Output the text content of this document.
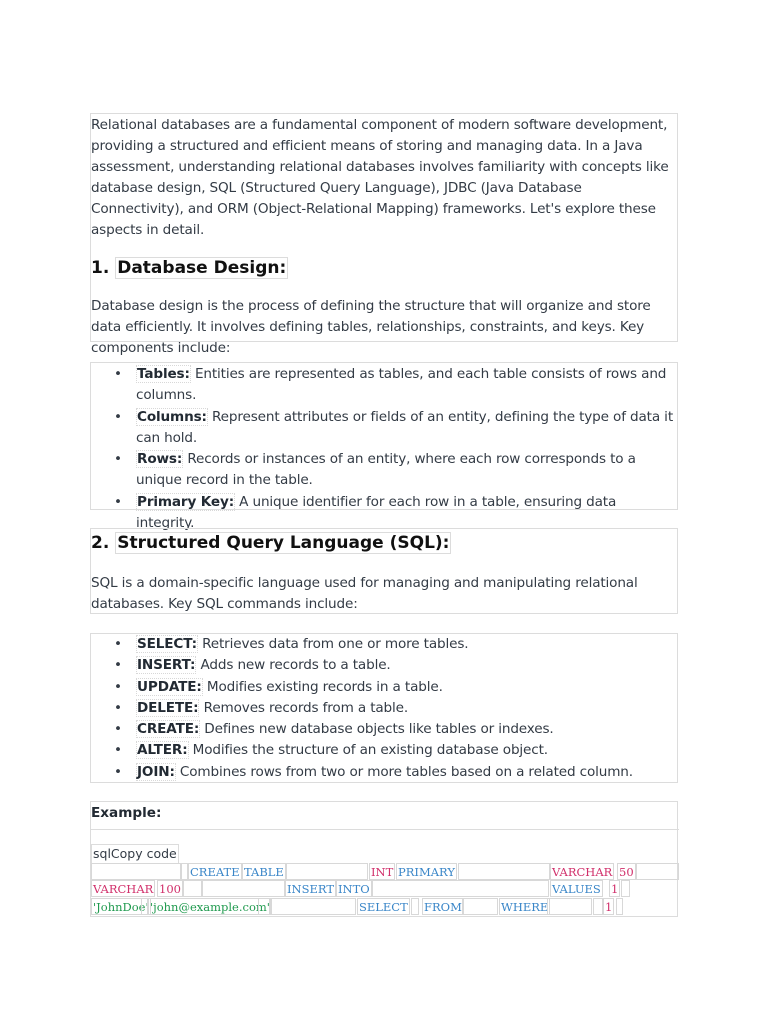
Relational databases are a fundamental component of modern software development, providing a structured and efficient means of storing and managing data. In a Java assessment, understanding relational databases involves familiarity with concepts like database design, SQL (Structured Query Language), JDBC (Java Database Connectivity), and ORM (Object-Relational Mapping) frameworks. Let's explore these aspects in detail.

1. Database Design:

Database design is the process of defining the structure that will organize and store data efficiently. It involves defining tables, relationships, constraints, and keys. Key components include:

• Tables: Entities are represented as tables, and each table consists of rows and columns.
• Columns: Represent attributes or fields of an entity, defining the type of data it can hold.
• Rows: Records or instances of an entity, where each row corresponds to a unique record in the table.
• Primary Key: A unique identifier for each row in a table, ensuring data integrity.
2. Structured Query Language (SQL):

SQL is a domain-specific language used for managing and manipulating relational databases. Key SQL commands include:

• SELECT: Retrieves data from one or more tables.
• INSERT: Adds new records to a table.
• UPDATE: Modifies existing records in a table.
• DELETE: Removes records from a table.
• CREATE: Defines new database objects like tables or indexes.
• ALTER: Modifies the structure of an existing database object.
• JOIN: Combines rows from two or more tables based on a related column.
Example:
sqlCopy code
CREATE TABLE	INT PRIMARY	VARCHAR 50
VARCHAR 100	INSERT INTO	VALUES 1
'JohnDoe' 'john@example.com'	SELECT FROM	WHERE	1
